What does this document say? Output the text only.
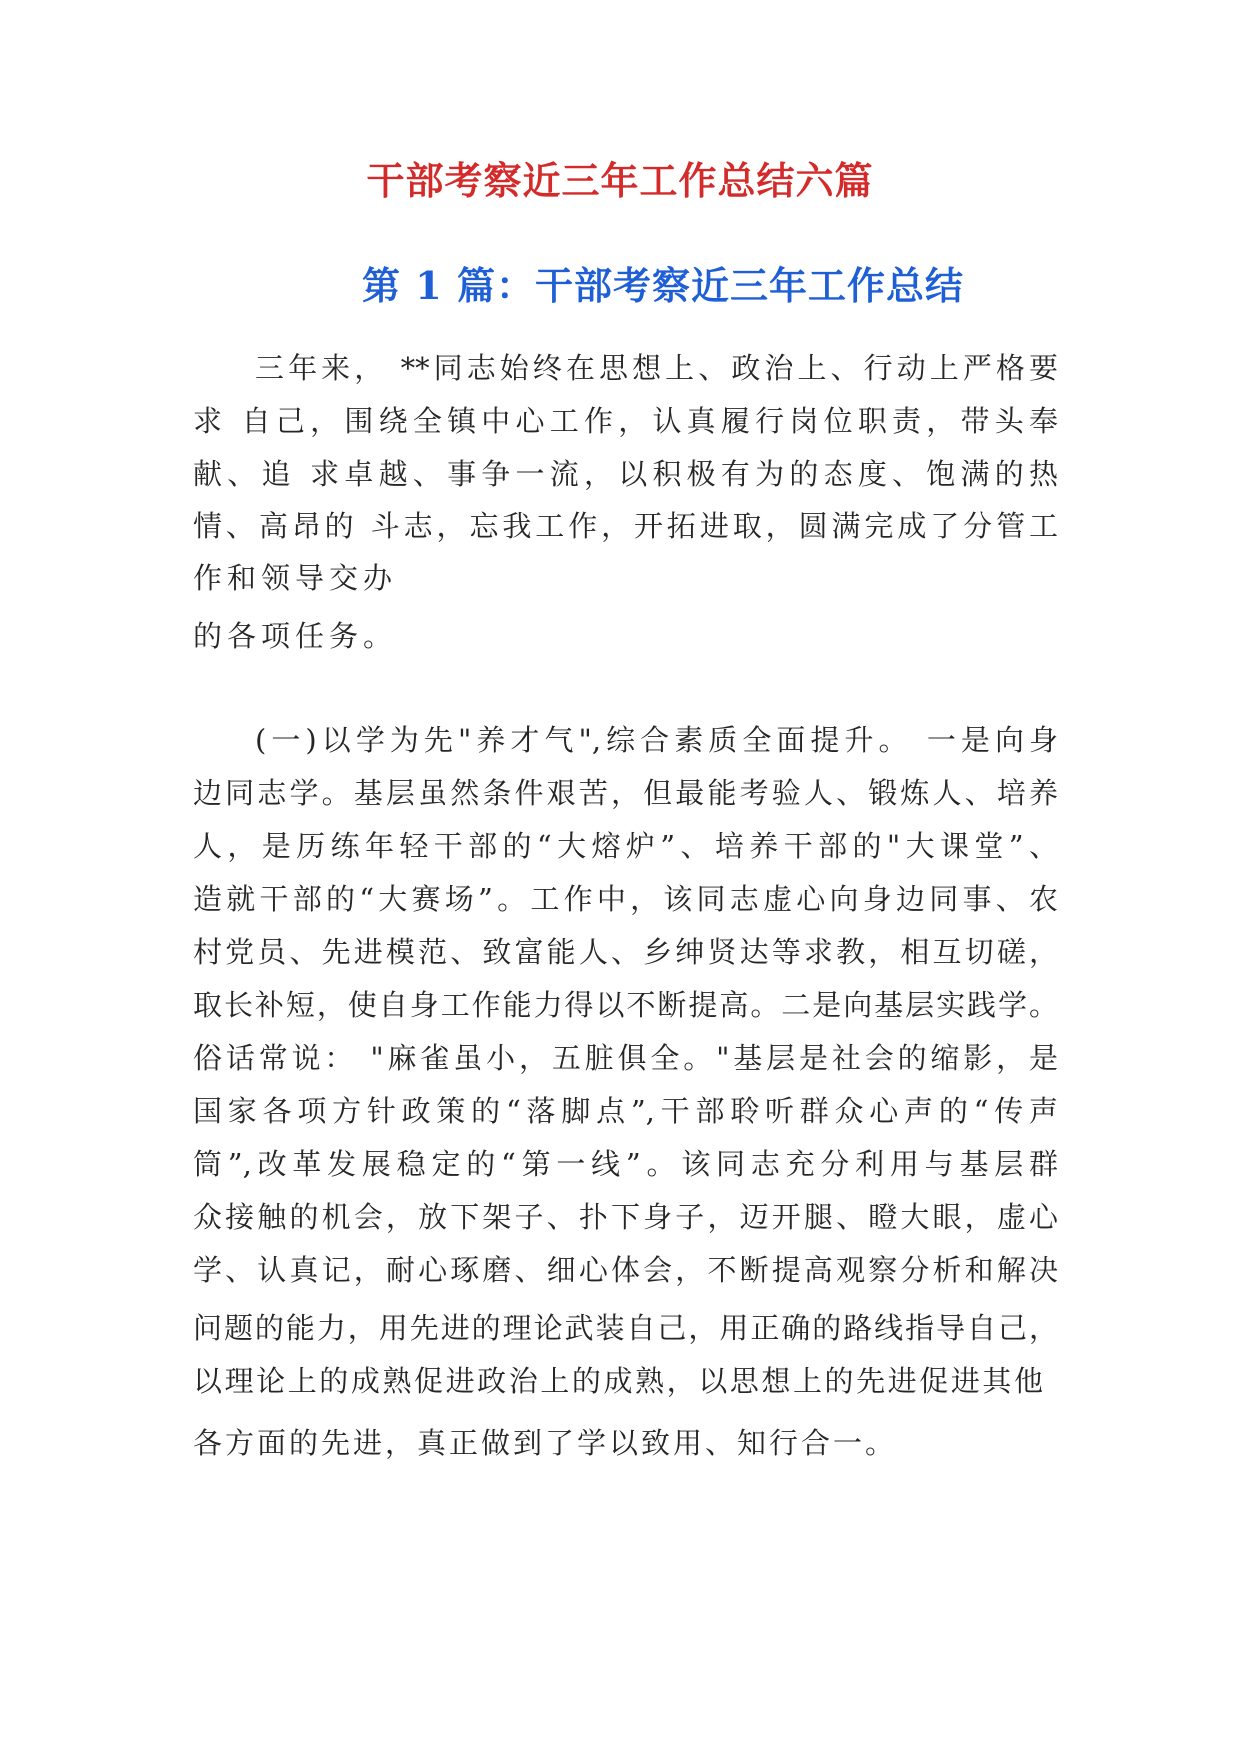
干部考察近三年工作总结六篇
第 1 篇：干部考察近三年工作总结
三年来， **同志始终在思想上、政治上、行动上严格要
求 自己，围绕全镇中心工作，认真履行岗位职责，带头奉
献、追 求卓越、事争一流，以积极有为的态度、饱满的热
情、高昂的 斗志，忘我工作，开拓进取，圆满完成了分管工
作和领导交办
的各项任务。
(一)以学为先"养才气",综合素质全面提升。 一是向身
边同志学。基层虽然条件艰苦，但最能考验人、锻炼人、培养
人，是历练年轻干部的“大熔炉”、培养干部的"大课堂”、
造就干部的“大赛场”。工作中，该同志虚心向身边同事、农
村党员、先进模范、致富能人、乡绅贤达等求教，相互切磋，
取长补短，使自身工作能力得以不断提高。二是向基层实践学。
俗话常说： "麻雀虽小，五脏俱全。"基层是社会的缩影，是
国家各项方针政策的“落脚点”,干部聆听群众心声的“传声
筒”,改革发展稳定的“第一线”。该同志充分利用与基层群
众接触的机会，放下架子、扑下身子，迈开腿、瞪大眼，虚心
学、认真记，耐心琢磨、细心体会，不断提高观察分析和解决
问题的能力，用先进的理论武装自己，用正确的路线指导自己，
以理论上的成熟促进政治上的成熟，以思想上的先进促进其他
各方面的先进，真正做到了学以致用、知行合一。
